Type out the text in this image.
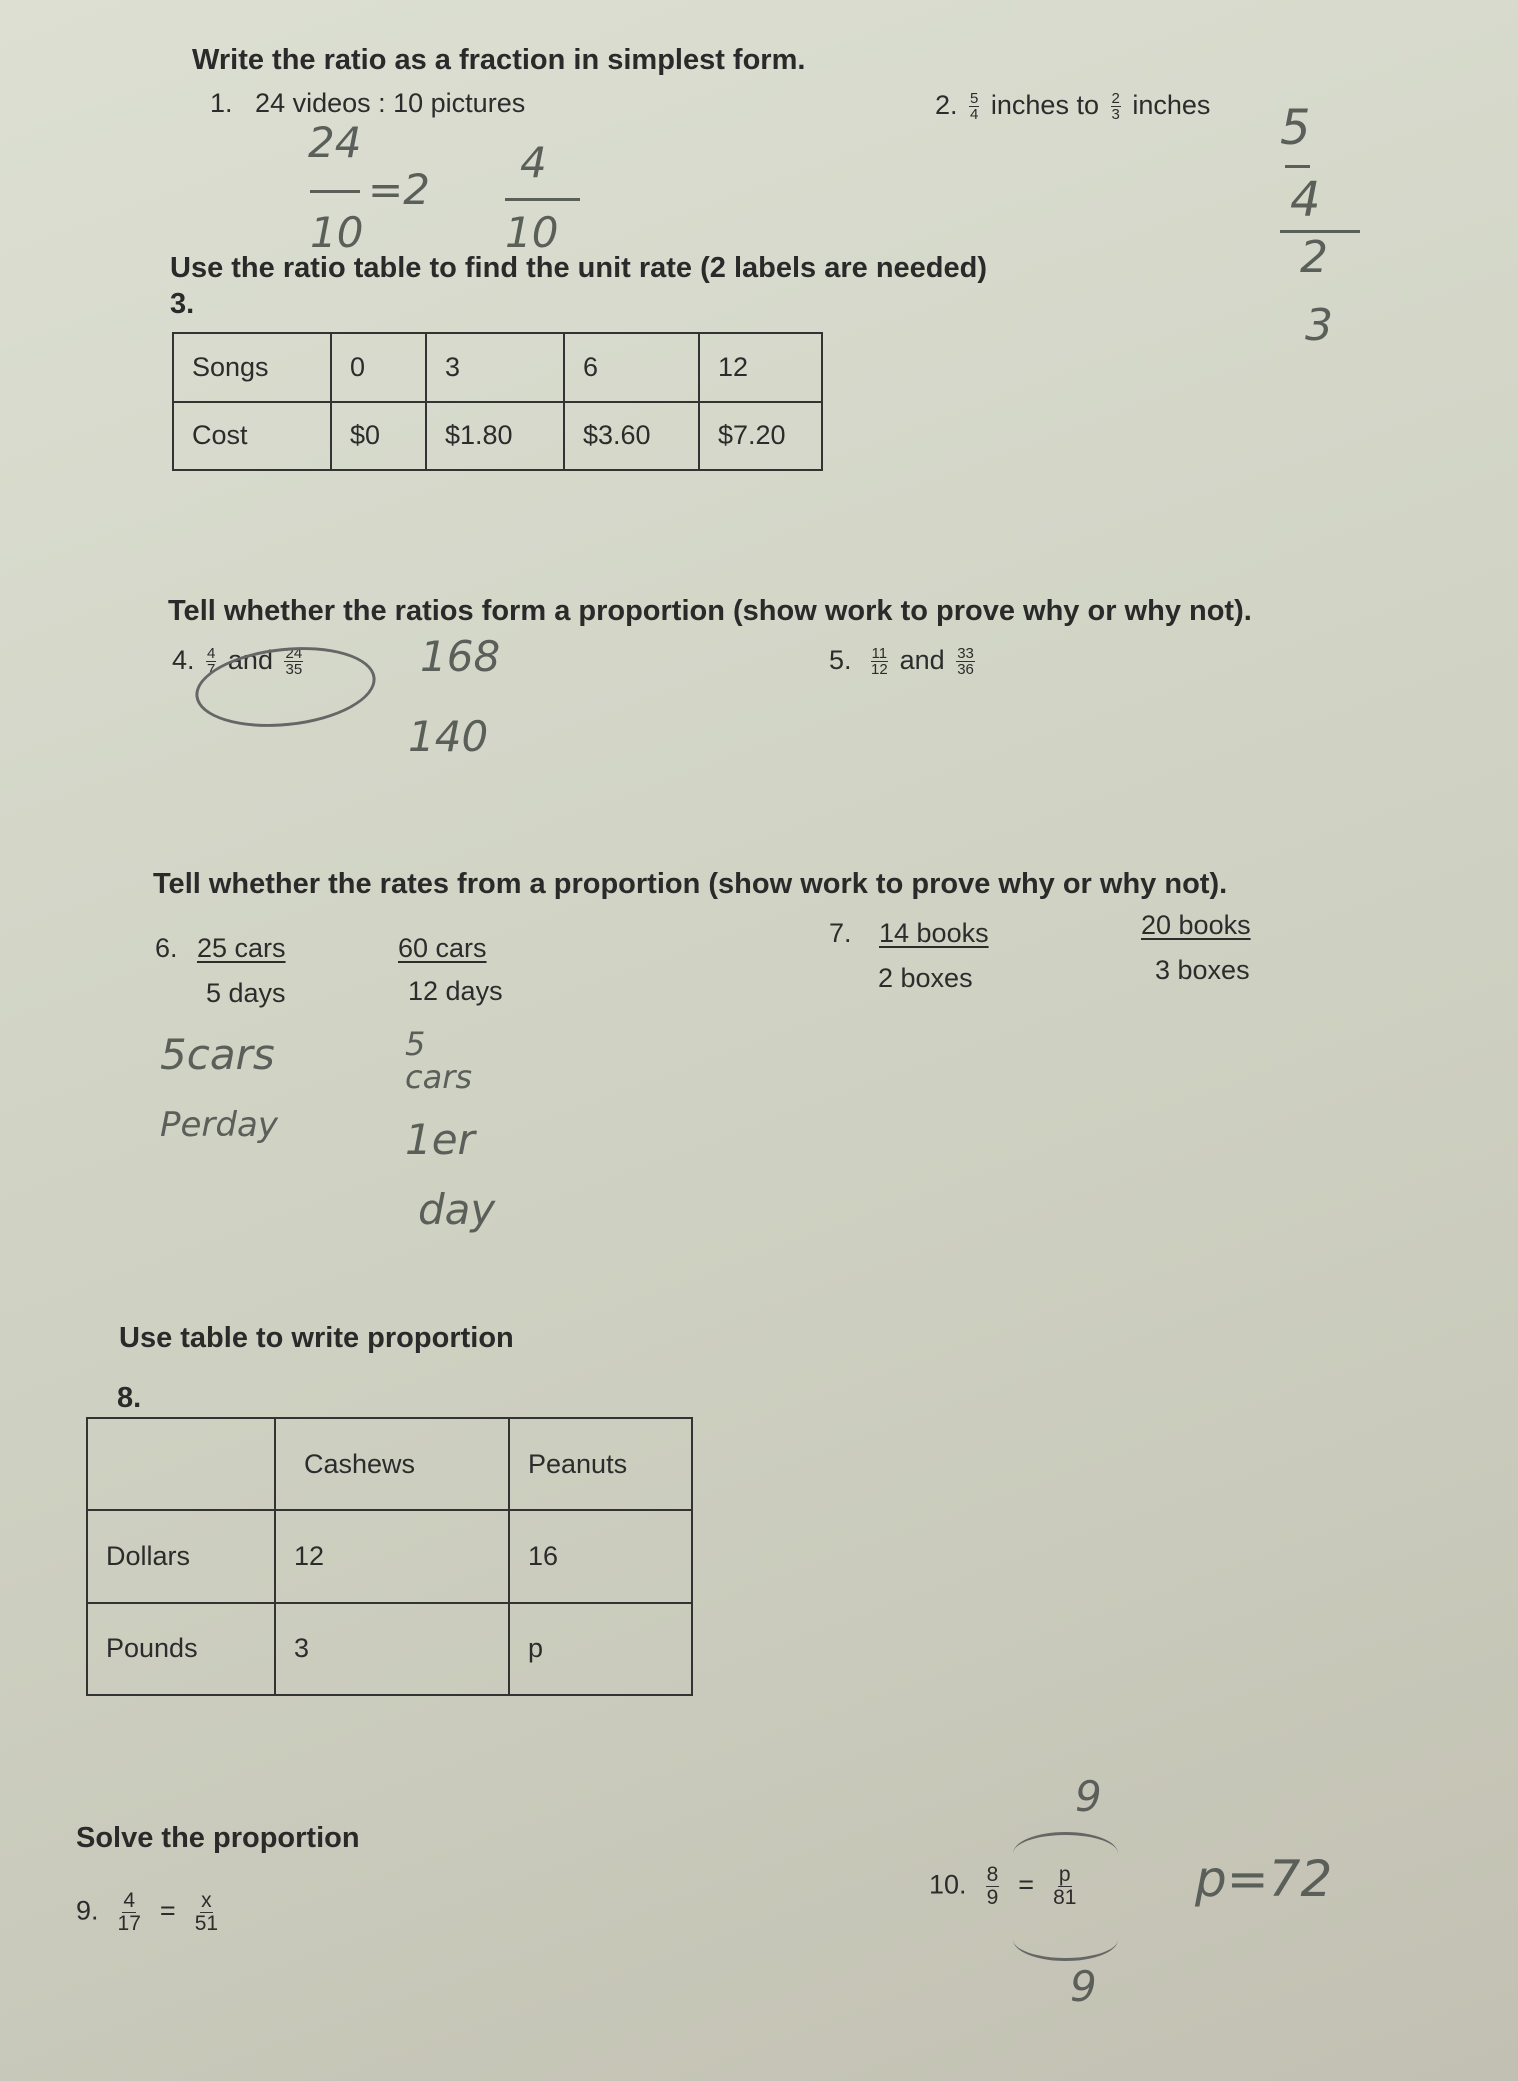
Write the ratio as a fraction in simplest form.
1. 24 videos : 10 pictures	2. $\frac{5}{4}$ inches to $\frac{2}{3}$ inches
24
10
=2
4
10
5
4
2
3
Use the ratio table to find the unit rate (2 labels are needed)
3.
Songs	0	3	6	12
Cost	$0	$1.80	$3.60	$7.20
Tell whether the ratios form a proportion (show work to prove why or why not).
4. $\frac{4}{7}$ and $\frac{24}{35}$	168
140
5. $\frac{11}{12}$ and $\frac{33}{36}$
Tell whether the rates from a proportion (show work to prove why or why not).
6. 25 cars
5 days
60 cars
12 days
7. 14 books
2 boxes
20 books
3 boxes
5cars
Perday
5
cars
1er
day
Use table to write proportion
8.
	Cashews	Peanuts
Dollars	12	16
Pounds	3	p
Solve the proportion
9. $\frac{4}{17} = \frac{x}{51}$
10. $\frac{8}{9} = \frac{p}{81}$
9
9
p=72
